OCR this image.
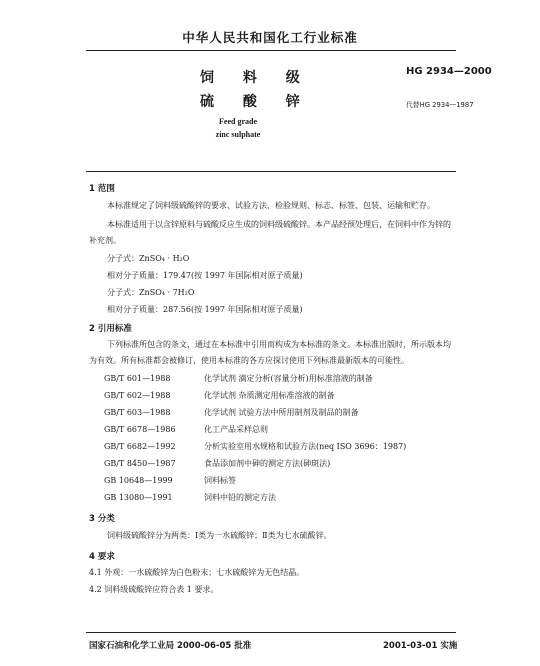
中华人民共和国化工行业标准
饲 料 级
硫 酸 锌
HG 2934—2000
代替HG 2934—1987
Feed grade
zinc sulphate
1 范围
本标准规定了饲料级硫酸锌的要求、试验方法、检验规则、标志、标签、包装、运输和贮存。
本标准适用于以含锌原料与硫酸反应生成的饲料级硫酸锌。本产品经预处理后，在饲料中作为锌的补充剂。
分子式：ZnSO₄ · H₂O
相对分子质量：179.47(按 1997 年国际相对原子质量)
分子式：ZnSO₄ · 7H₂O
相对分子质量：287.56(按 1997 年国际相对原子质量)
2 引用标准
下列标准所包含的条文，通过在本标准中引用而构成为本标准的条文。本标准出版时，所示版本均为有效。所有标准都会被修订，使用本标准的各方应探讨使用下列标准最新版本的可能性。
GB/T 601—1988	化学试剂 滴定分析(容量分析)用标准溶液的制备
GB/T 602—1988	化学试剂 杂质测定用标准溶液的制备
GB/T 603—1988	化学试剂 试验方法中所用制剂及制品的制备
GB/T 6678—1986	化工产品采样总则
GB/T 6682—1992	分析实验室用水规格和试验方法(neq ISO 3696：1987)
GB/T 8450—1987	食品添加剂中砷的测定方法(砷斑法)
GB 10648—1999	饲料标签
GB 13080—1991	饲料中铅的测定方法
3 分类
饲料级硫酸锌分为两类：Ⅰ类为一水硫酸锌；Ⅱ类为七水硫酸锌。
4 要求
4.1 外观：一水硫酸锌为白色粉末；七水硫酸锌为无色结晶。
4.2 饲料级硫酸锌应符合表 1 要求。
国家石油和化学工业局 2000-06-05 批准	2001-03-01 实施
